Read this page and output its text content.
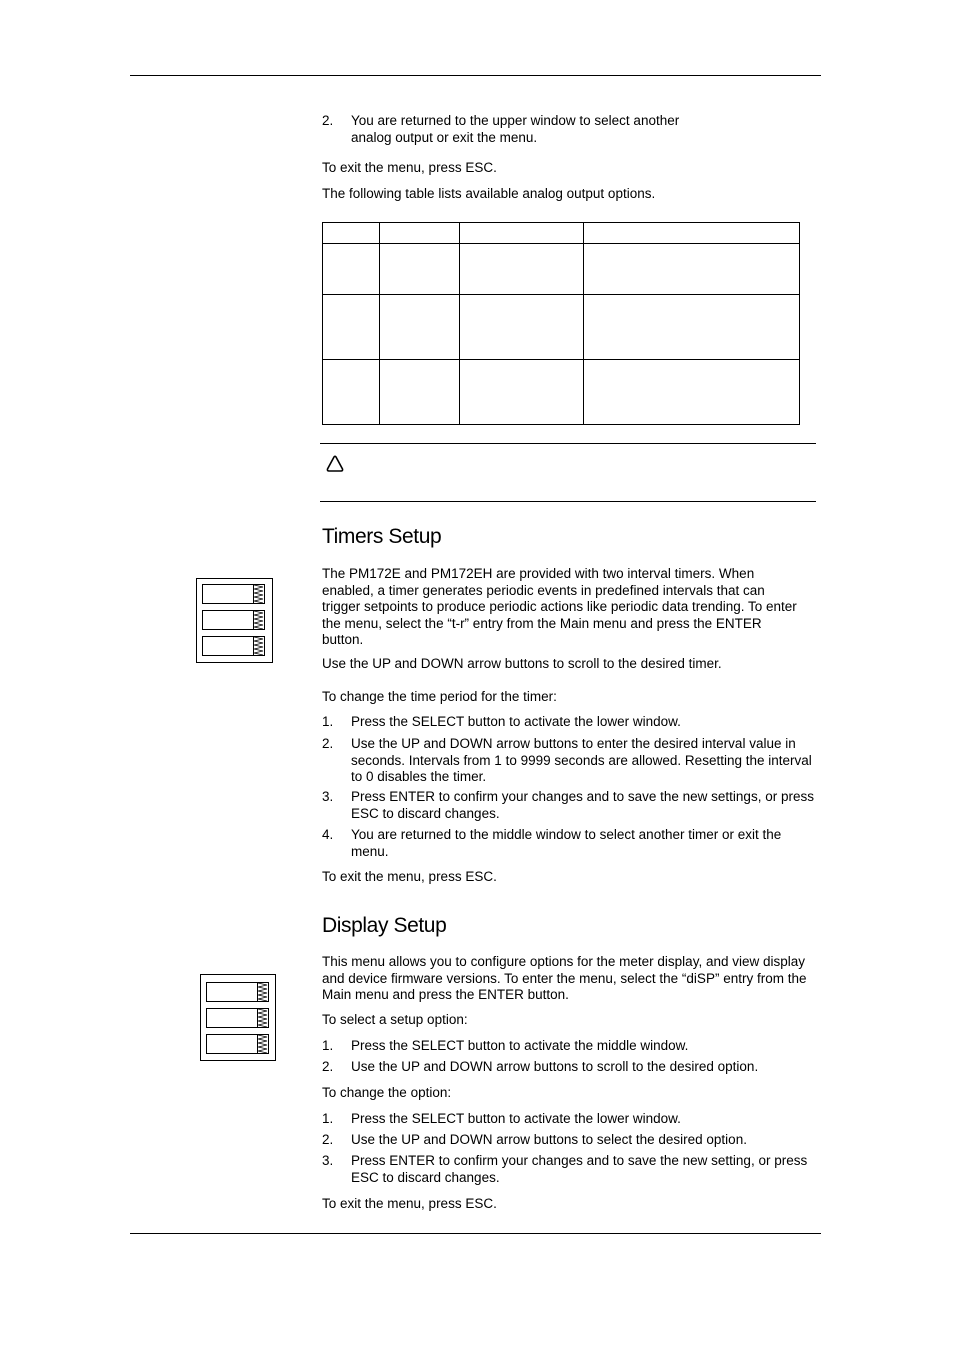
2. You are returned to the upper window to select another analog output or exit the menu.

To exit the menu, press ESC.

The following table lists available analog output options.

Timers Setup

The PM172E and PM172EH are provided with two interval timers. When enabled, a timer generates periodic events in predefined intervals that can trigger setpoints to produce periodic actions like periodic data trending. To enter the menu, select the “t-r” entry from the Main menu and press the ENTER button.

Use the UP and DOWN arrow buttons to scroll to the desired timer.

To change the time period for the timer:

1. Press the SELECT button to activate the lower window.
2. Use the UP and DOWN arrow buttons to enter the desired interval value in seconds. Intervals from 1 to 9999 seconds are allowed. Resetting the interval to 0 disables the timer.
3. Press ENTER to confirm your changes and to save the new settings, or press ESC to discard changes.
4. You are returned to the middle window to select another timer or exit the menu.

To exit the menu, press ESC.

Display Setup

This menu allows you to configure options for the meter display, and view display and device firmware versions. To enter the menu, select the “diSP” entry from the Main menu and press the ENTER button.

To select a setup option:

1. Press the SELECT button to activate the middle window.
2. Use the UP and DOWN arrow buttons to scroll to the desired option.

To change the option:

1. Press the SELECT button to activate the lower window.
2. Use the UP and DOWN arrow buttons to select the desired option.
3. Press ENTER to confirm your changes and to save the new setting, or press ESC to discard changes.

To exit the menu, press ESC.
